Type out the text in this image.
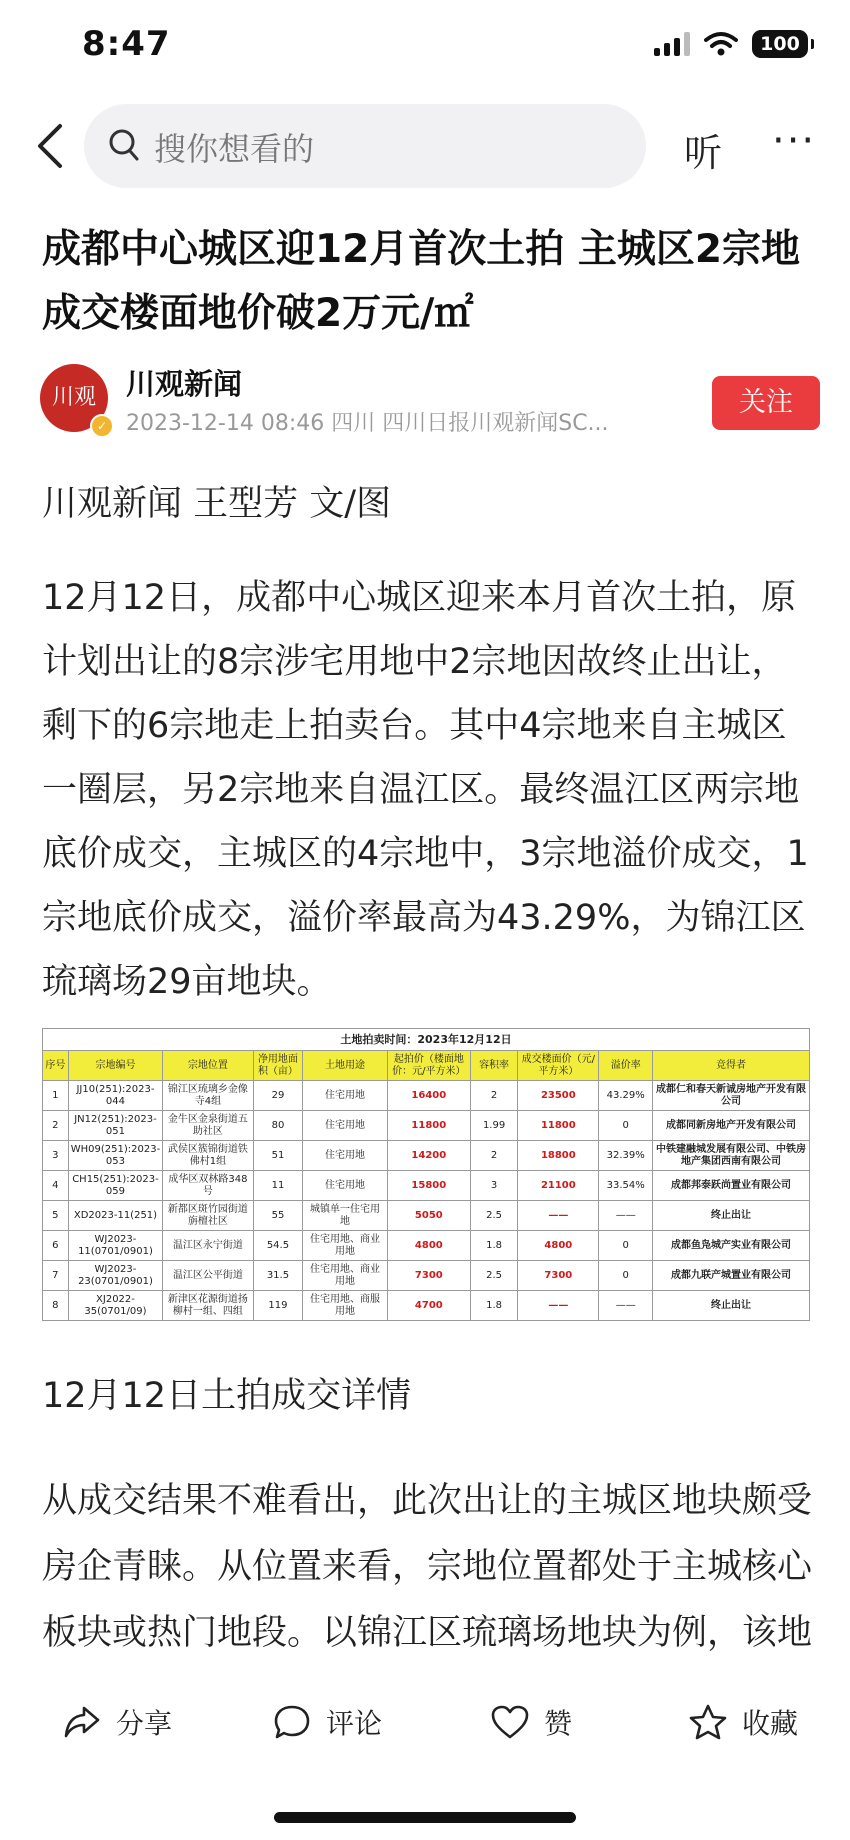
8:47	100
搜你想看的	听 ···
成都中心城区迎12月首次土拍 主城区2宗地成交楼面地价破2万元/㎡
川观
✓
川观新闻
2023-12-14 08:46 四川 四川日报川观新闻SC...
关注
川观新闻 王型芳 文/图
12月12日，成都中心城区迎来本月首次土拍，原计划出让的8宗涉宅用地中2宗地因故终止出让，剩下的6宗地走上拍卖台。其中4宗地来自主城区一圈层，另2宗地来自温江区。最终温江区两宗地底价成交，主城区的4宗地中，3宗地溢价成交，1宗地底价成交，溢价率最高为43.29%，为锦江区琉璃场29亩地块。
土地拍卖时间：2023年12月12日									
序号	宗地编号	宗地位置	净用地面积（亩）	土地用途	起拍价（楼面地价：元/平方米）	容积率	成交楼面价（元/平方米）	溢价率	竞得者
1	JJ10(251):2023-044	锦江区琉璃乡金像寺4组	29	住宅用地	16400	2	23500	43.29%	成都仁和春天新诚房地产开发有限公司
2	JN12(251):2023-051	金牛区金泉街道五助社区	80	住宅用地	11800	1.99	11800	0	成都同新房地产开发有限公司
3	WH09(251):2023-053	武侯区簇锦街道铁佛村1组	51	住宅用地	14200	2	18800	32.39%	中铁建融城发展有限公司、中铁房地产集团西南有限公司
4	CH15(251):2023-059	成华区双林路348号	11	住宅用地	15800	3	21100	33.54%	成都邦泰跃尚置业有限公司
5	XD2023-11(251)	新都区斑竹园街道旃檀社区	55	城镇单一住宅用地	5050	2.5	——	——	终止出让
6	WJ2023-11(0701/0901)	温江区永宁街道	54.5	住宅用地、商业用地	4800	1.8	4800	0	成都鱼凫城产实业有限公司
7	WJ2023-23(0701/0901)	温江区公平街道	31.5	住宅用地、商业用地	7300	2.5	7300	0	成都九联产城置业有限公司
8	XJ2022-35(0701/09)	新津区花源街道扬柳村一组、四组	119	住宅用地、商服用地	4700	1.8	——	——	终止出让
12月12日土拍成交详情
从成交结果不难看出，此次出让的主城区地块颇受房企青睐。从位置来看，宗地位置都处于主城核心板块或热门地段。以锦江区琉璃场地块为例，该地
分享	评论	赞	收藏
